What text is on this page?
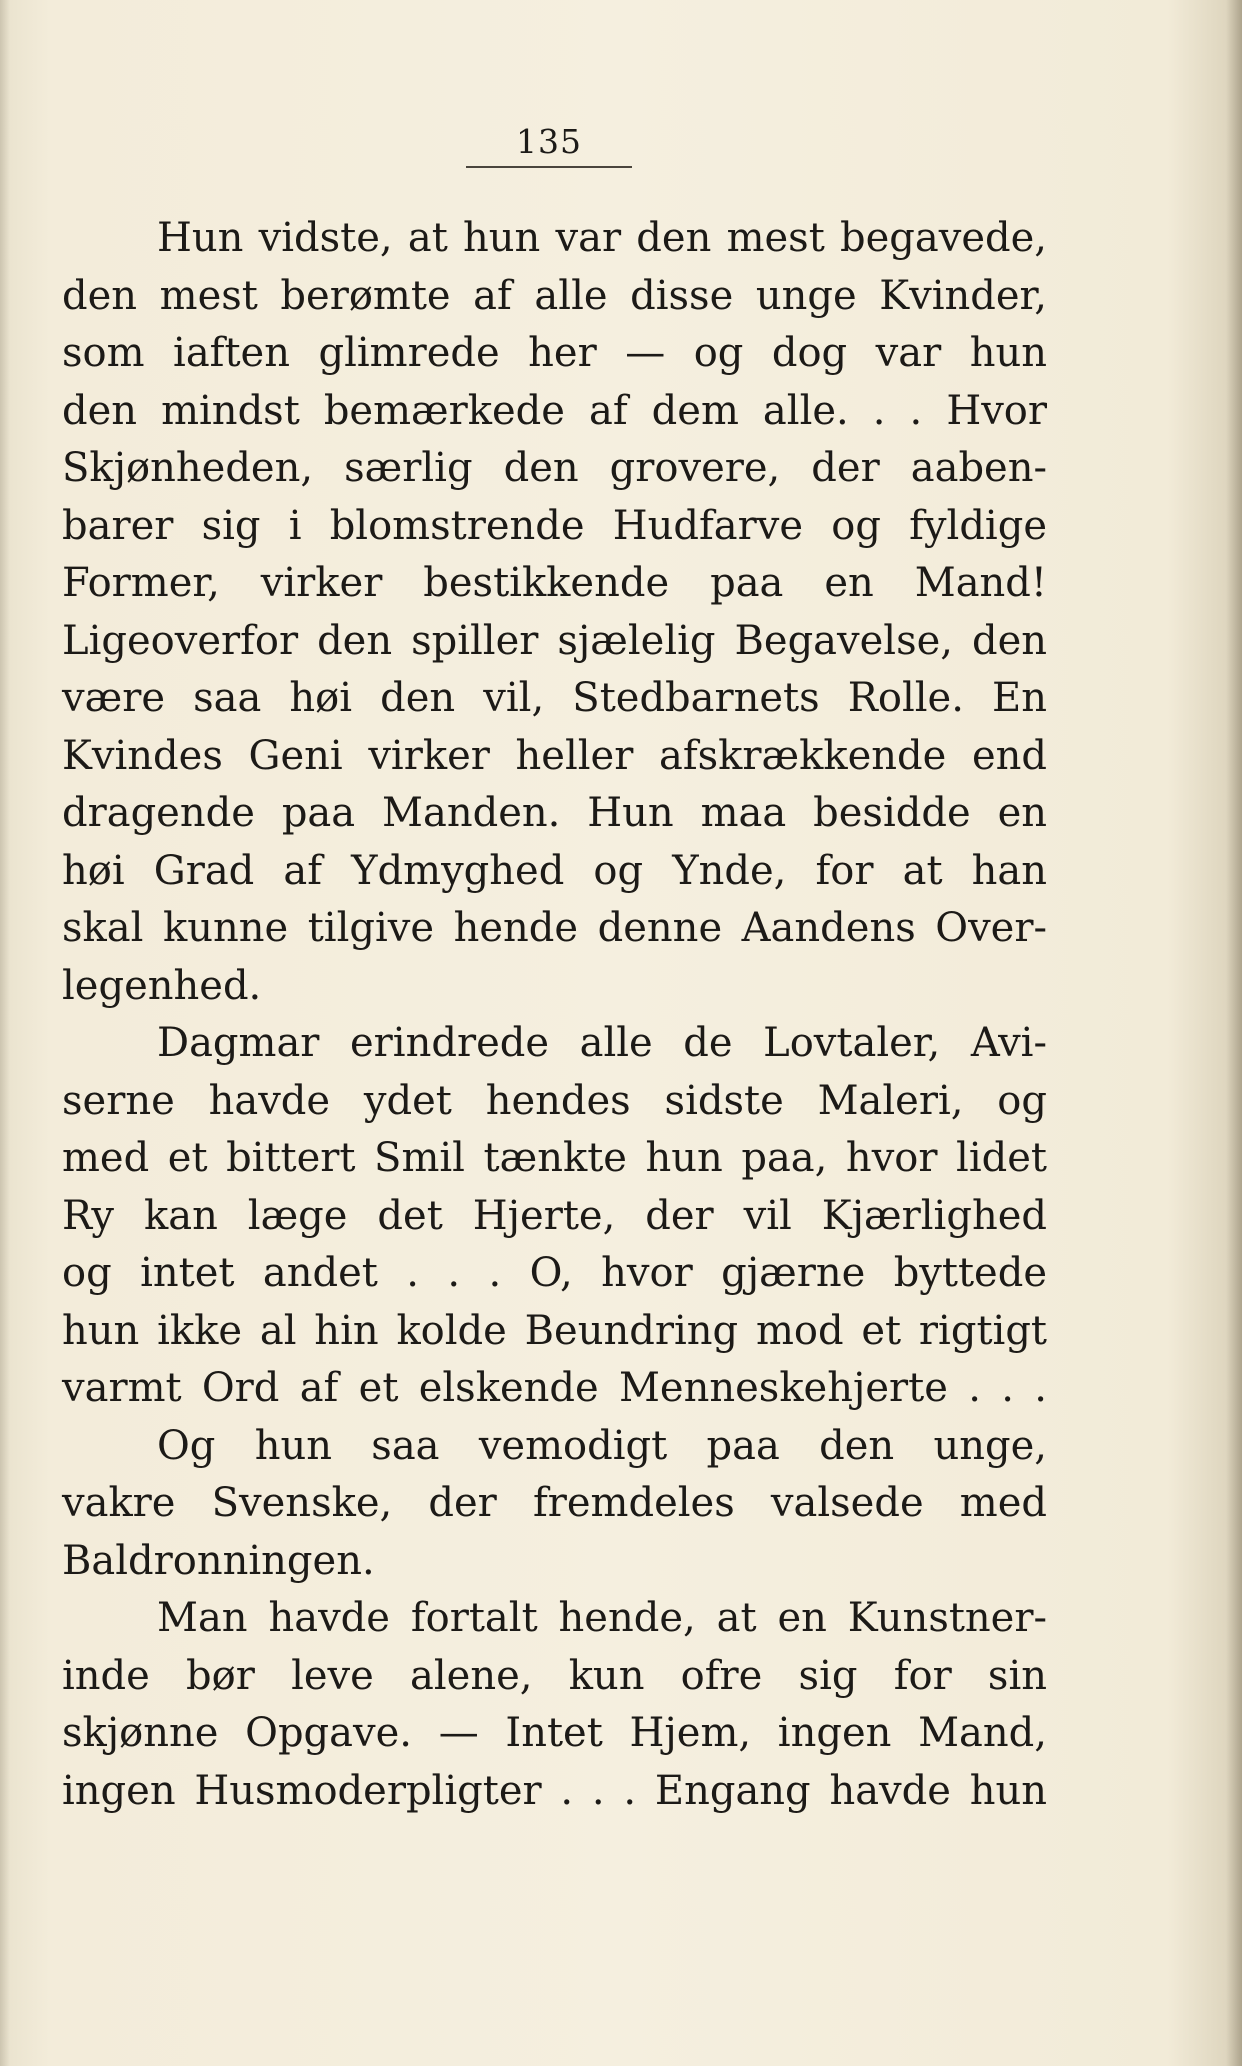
135
Hun vidste, at hun var den mest begavede,
den mest berømte af alle disse unge Kvinder,
som iaften glimrede her — og dog var hun
den mindst bemærkede af dem alle. . . Hvor
Skjønheden, særlig den grovere, der aaben-
barer sig i blomstrende Hudfarve og fyldige
Former, virker bestikkende paa en Mand!
Ligeoverfor den spiller sjælelig Begavelse, den
være saa høi den vil, Stedbarnets Rolle. En
Kvindes Geni virker heller afskrækkende end
dragende paa Manden. Hun maa besidde en
høi Grad af Ydmyghed og Ynde, for at han
skal kunne tilgive hende denne Aandens Over-
legenhed.
Dagmar erindrede alle de Lovtaler, Avi-
serne havde ydet hendes sidste Maleri, og
med et bittert Smil tænkte hun paa, hvor lidet
Ry kan læge det Hjerte, der vil Kjærlighed
og intet andet . . . O, hvor gjærne byttede
hun ikke al hin kolde Beundring mod et rigtigt
varmt Ord af et elskende Menneskehjerte . . .
Og hun saa vemodigt paa den unge,
vakre Svenske, der fremdeles valsede med
Baldronningen.
Man havde fortalt hende, at en Kunstner-
inde bør leve alene, kun ofre sig for sin
skjønne Opgave. — Intet Hjem, ingen Mand,
ingen Husmoderpligter . . . Engang havde hun
